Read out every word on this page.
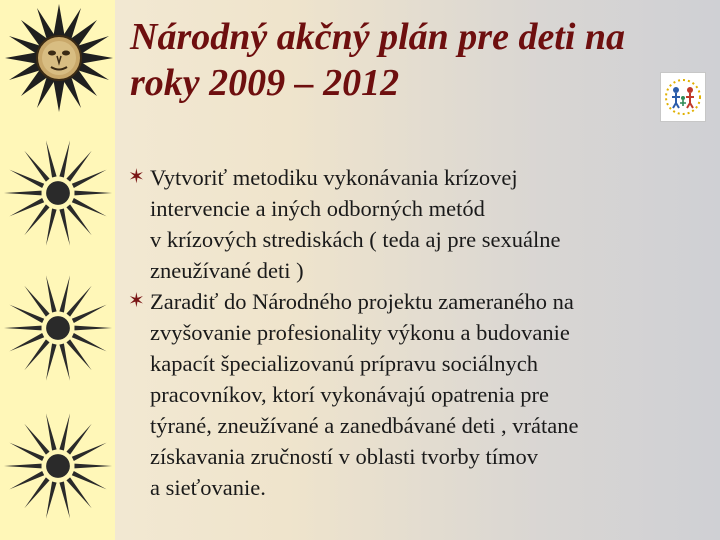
Národný akčný plán pre deti na
roky 2009 – 2012
✶ Vytvoriť metodiku vykonávania krízovej
intervencie a iných odborných metód
v krízových strediskách ( teda aj pre sexuálne
zneužívané deti )
✶ Zaradiť do Národného projektu zameraného na
zvyšovanie profesionality výkonu a budovanie
kapacít špecializovanú prípravu sociálnych
pracovníkov, ktorí vykonávajú opatrenia pre
týrané, zneužívané a zanedbávané deti , vrátane
získavania zručností v oblasti tvorby tímov
a sieťovanie.
